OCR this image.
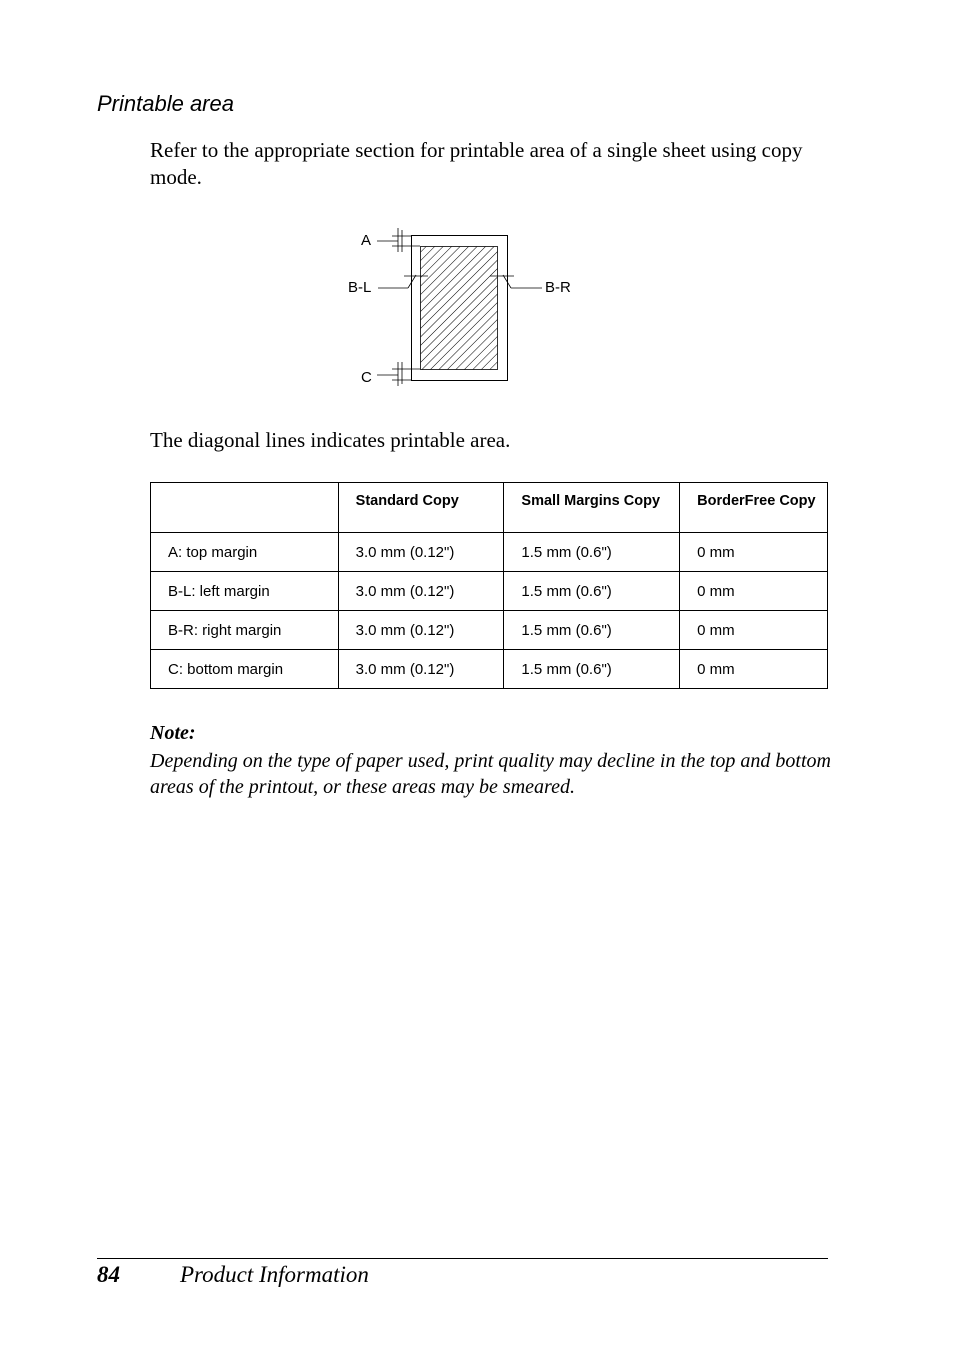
Printable area

Refer to the appropriate section for printable area of a single sheet using copy mode.

A
B-L	B-R
C

The diagonal lines indicates printable area.

	Standard Copy	Small Margins Copy	BorderFree Copy
A: top margin	3.0 mm (0.12")	1.5 mm (0.6")	0 mm
B-L: left margin	3.0 mm (0.12")	1.5 mm (0.6")	0 mm
B-R: right margin	3.0 mm (0.12")	1.5 mm (0.6")	0 mm
C: bottom margin	3.0 mm (0.12")	1.5 mm (0.6")	0 mm

Note:

Depending on the type of paper used, print quality may decline in the top and bottom areas of the printout, or these areas may be smeared.

84	Product Information
